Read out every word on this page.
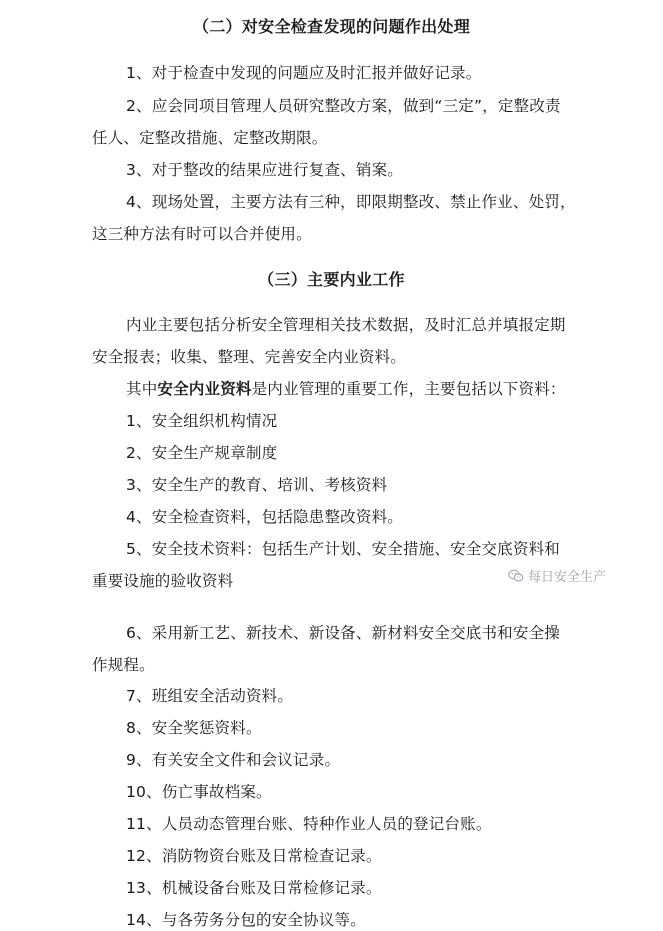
（二）对安全检查发现的问题作出处理
1、对于检查中发现的问题应及时汇报并做好记录。
2、应会同项目管理人员研究整改方案，做到“三定”，定整改责
任人、定整改措施、定整改期限。
3、对于整改的结果应进行复查、销案。
4、现场处置，主要方法有三种，即限期整改、禁止作业、处罚，
这三种方法有时可以合并使用。
（三）主要内业工作
内业主要包括分析安全管理相关技术数据，及时汇总并填报定期
安全报表；收集、整理、完善安全内业资料。
其中安全内业资料是内业管理的重要工作，主要包括以下资料：
1、安全组织机构情况
2、安全生产规章制度
3、安全生产的教育、培训、考核资料
4、安全检查资料，包括隐患整改资料。
5、安全技术资料：包括生产计划、安全措施、安全交底资料和
重要设施的验收资料	每日安全生产
6、采用新工艺、新技术、新设备、新材料安全交底书和安全操
作规程。
7、班组安全活动资料。
8、安全奖惩资料。
9、有关安全文件和会议记录。
10、伤亡事故档案。
11、人员动态管理台账、特种作业人员的登记台账。
12、消防物资台账及日常检查记录。
13、机械设备台账及日常检修记录。
14、与各劳务分包的安全协议等。
